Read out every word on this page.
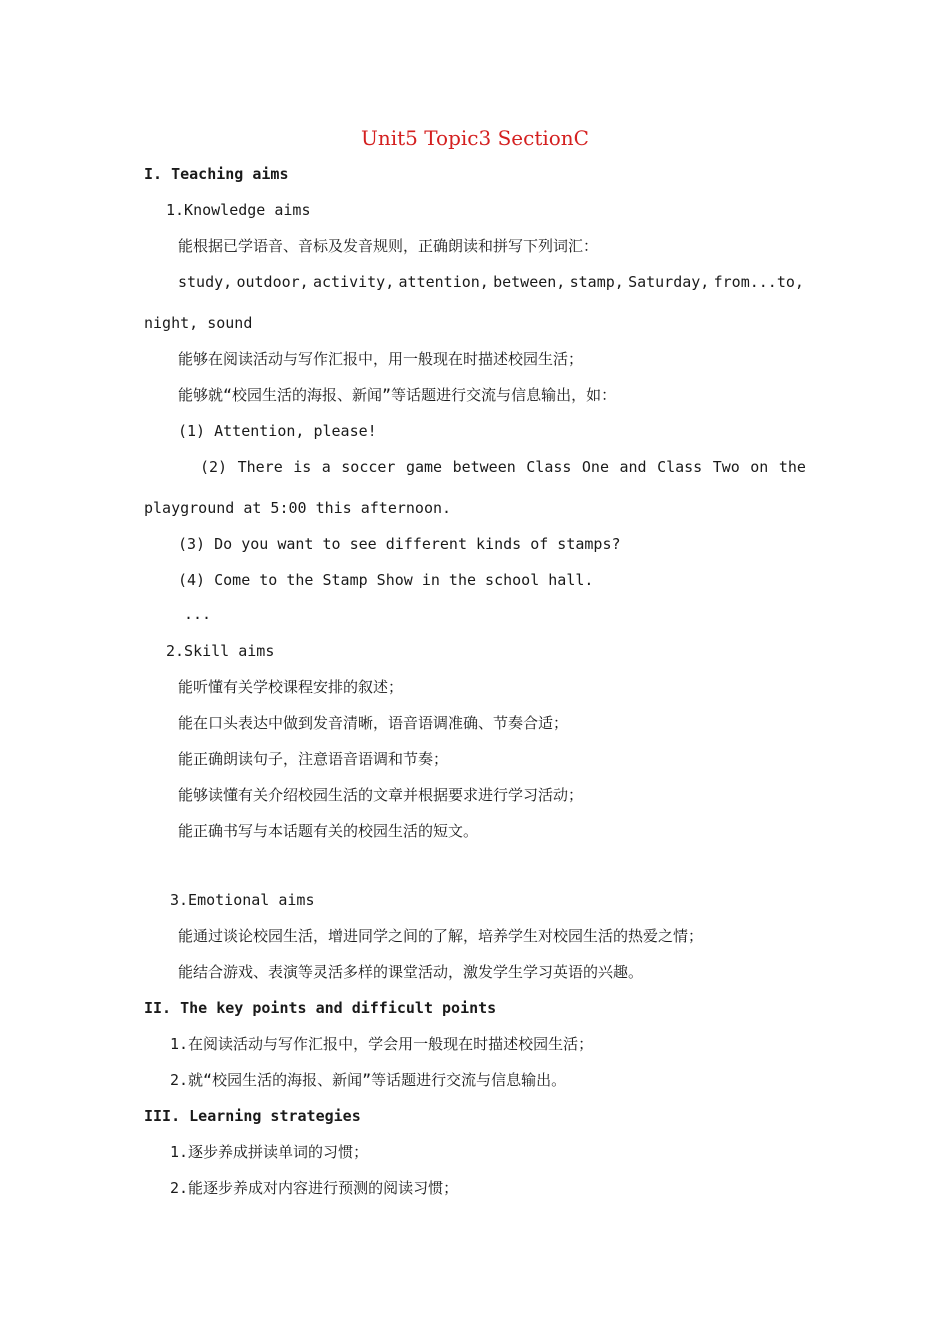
Unit5 Topic3 SectionC
I. Teaching aims
1.Knowledge aims
能根据已学语音、音标及发音规则，正确朗读和拼写下列词汇：
study, outdoor, activity, attention, between, stamp, Saturday, from...to,
night, sound
能够在阅读活动与写作汇报中，用一般现在时描述校园生活；
能够就“校园生活的海报、新闻”等话题进行交流与信息输出，如：
(1) Attention, please!
(2) There is a soccer game between Class One and Class Two on the
playground at 5:00 this afternoon.
(3) Do you want to see different kinds of stamps?
(4) Come to the Stamp Show in the school hall.
...
2.Skill aims
能听懂有关学校课程安排的叙述；
能在口头表达中做到发音清晰，语音语调准确、节奏合适；
能正确朗读句子，注意语音语调和节奏；
能够读懂有关介绍校园生活的文章并根据要求进行学习活动；
能正确书写与本话题有关的校园生活的短文。
3.Emotional aims
能通过谈论校园生活，增进同学之间的了解，培养学生对校园生活的热爱之情；
能结合游戏、表演等灵活多样的课堂活动，激发学生学习英语的兴趣。
II. The key points and difficult points
1.在阅读活动与写作汇报中，学会用一般现在时描述校园生活；
2.就“校园生活的海报、新闻”等话题进行交流与信息输出。
III. Learning strategies
1.逐步养成拼读单词的习惯；
2.能逐步养成对内容进行预测的阅读习惯；
